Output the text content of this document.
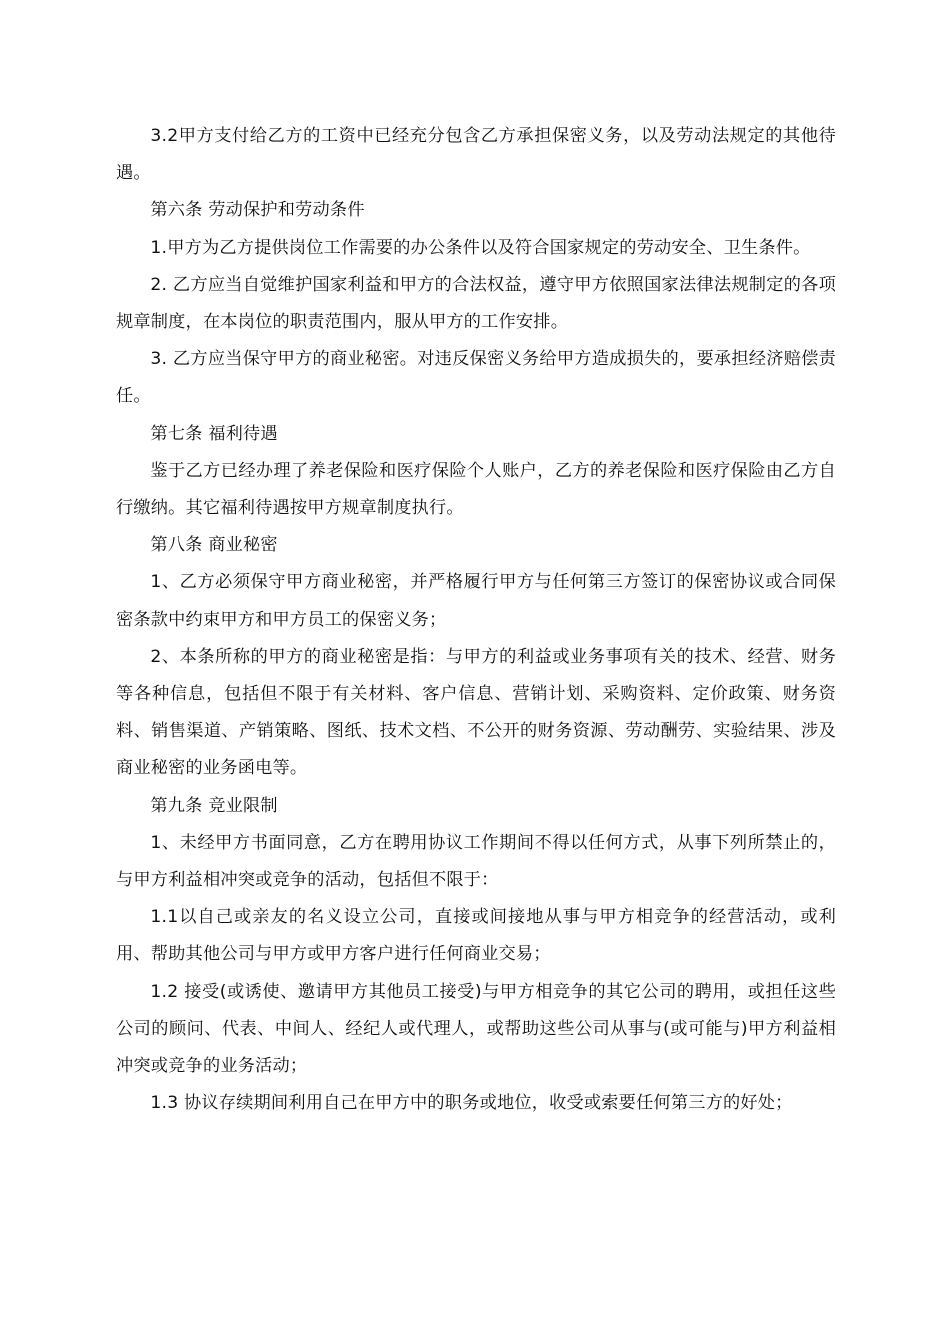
3.2甲方支付给乙方的工资中已经充分包含乙方承担保密义务，以及劳动法规定的其他待遇。

第六条 劳动保护和劳动条件

1.甲方为乙方提供岗位工作需要的办公条件以及符合国家规定的劳动安全、卫生条件。

2. 乙方应当自觉维护国家利益和甲方的合法权益，遵守甲方依照国家法律法规制定的各项规章制度，在本岗位的职责范围内，服从甲方的工作安排。

3. 乙方应当保守甲方的商业秘密。对违反保密义务给甲方造成损失的，要承担经济赔偿责任。

第七条 福利待遇

鉴于乙方已经办理了养老保险和医疗保险个人账户，乙方的养老保险和医疗保险由乙方自行缴纳。其它福利待遇按甲方规章制度执行。

第八条 商业秘密

1、乙方必须保守甲方商业秘密，并严格履行甲方与任何第三方签订的保密协议或合同保密条款中约束甲方和甲方员工的保密义务；

2、本条所称的甲方的商业秘密是指：与甲方的利益或业务事项有关的技术、经营、财务等各种信息，包括但不限于有关材料、客户信息、营销计划、采购资料、定价政策、财务资料、销售渠道、产销策略、图纸、技术文档、不公开的财务资源、劳动酬劳、实验结果、涉及商业秘密的业务函电等。

第九条 竞业限制

1、未经甲方书面同意，乙方在聘用协议工作期间不得以任何方式，从事下列所禁止的，与甲方利益相冲突或竞争的活动，包括但不限于：

1.1以自己或亲友的名义设立公司，直接或间接地从事与甲方相竞争的经营活动，或利用、帮助其他公司与甲方或甲方客户进行任何商业交易；

1.2 接受(或诱使、邀请甲方其他员工接受)与甲方相竞争的其它公司的聘用，或担任这些公司的顾问、代表、中间人、经纪人或代理人，或帮助这些公司从事与(或可能与)甲方利益相冲突或竞争的业务活动；

1.3 协议存续期间利用自己在甲方中的职务或地位，收受或索要任何第三方的好处；
